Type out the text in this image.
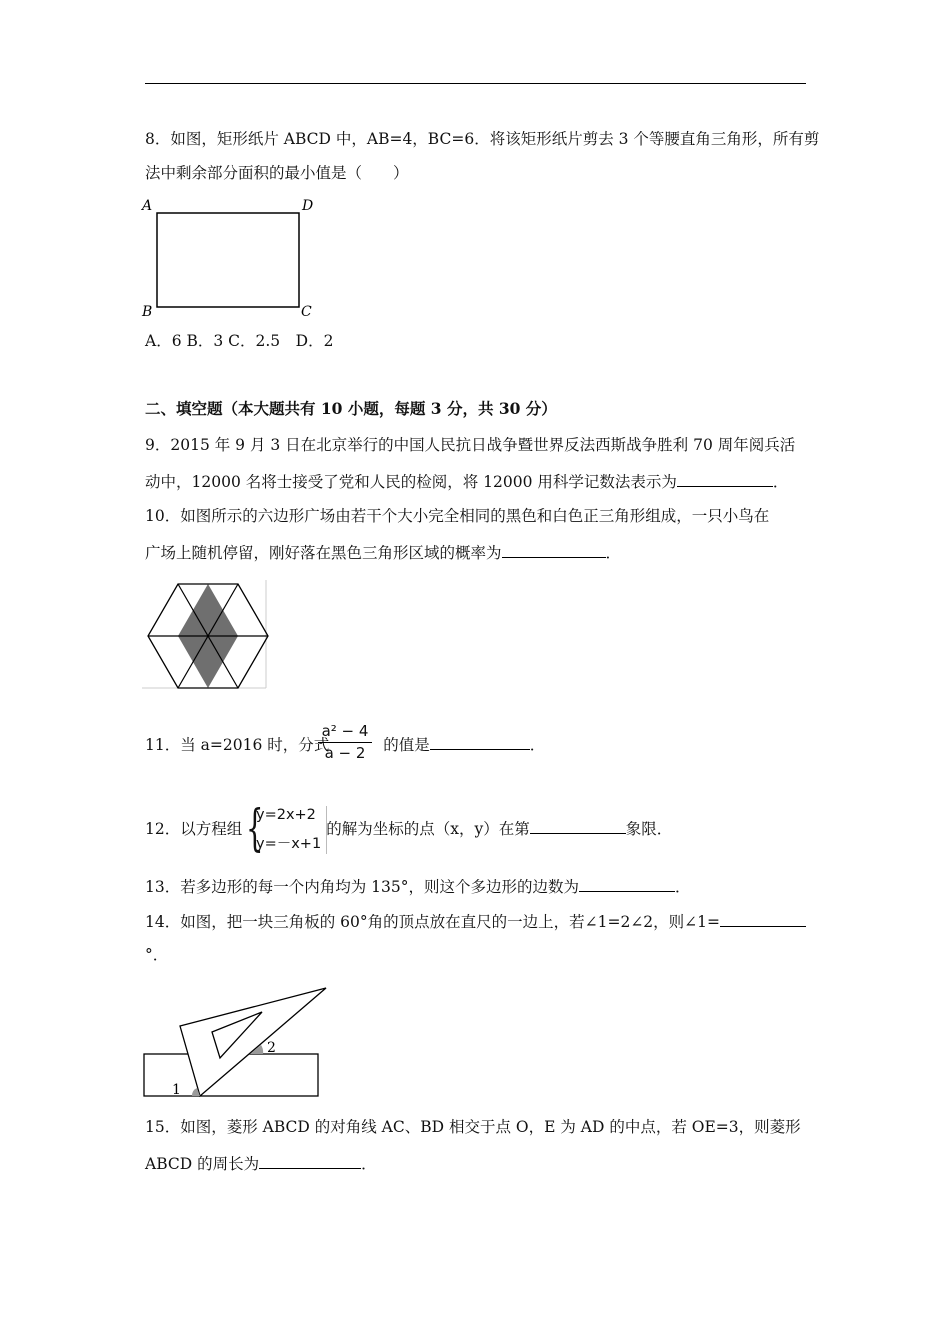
8．如图，矩形纸片 ABCD 中，AB=4，BC=6．将该矩形纸片剪去 3 个等腰直角三角形，所有剪
法中剩余部分面积的最小值是（　　）
A	D
B	C
A．6 B．3 C．2.5　D．2
二、填空题（本大题共有 10 小题，每题 3 分，共 30 分）
9．2015 年 9 月 3 日在北京举行的中国人民抗日战争暨世界反法西斯战争胜利 70 周年阅兵活
动中，12000 名将士接受了党和人民的检阅，将 12000 用科学记数法表示为	．
10．如图所示的六边形广场由若干个大小完全相同的黑色和白色正三角形组成，一只小鸟在
广场上随机停留，刚好落在黑色三角形区域的概率为	．
11．当 a=2016 时，分式	的值是	．
a² − 4
a − 2
12．以方程组	的解为坐标的点（x，y）在第	象限．
{
y=2x+2
y=－x+1
13．若多边形的每一个内角均为 135°，则这个多边形的边数为	．
14．如图，把一块三角板的 60°角的顶点放在直尺的一边上，若∠1=2∠2，则∠1=
°．
1
2
15．如图，菱形 ABCD 的对角线 AC、BD 相交于点 O，E 为 AD 的中点，若 OE=3，则菱形
ABCD 的周长为	．
